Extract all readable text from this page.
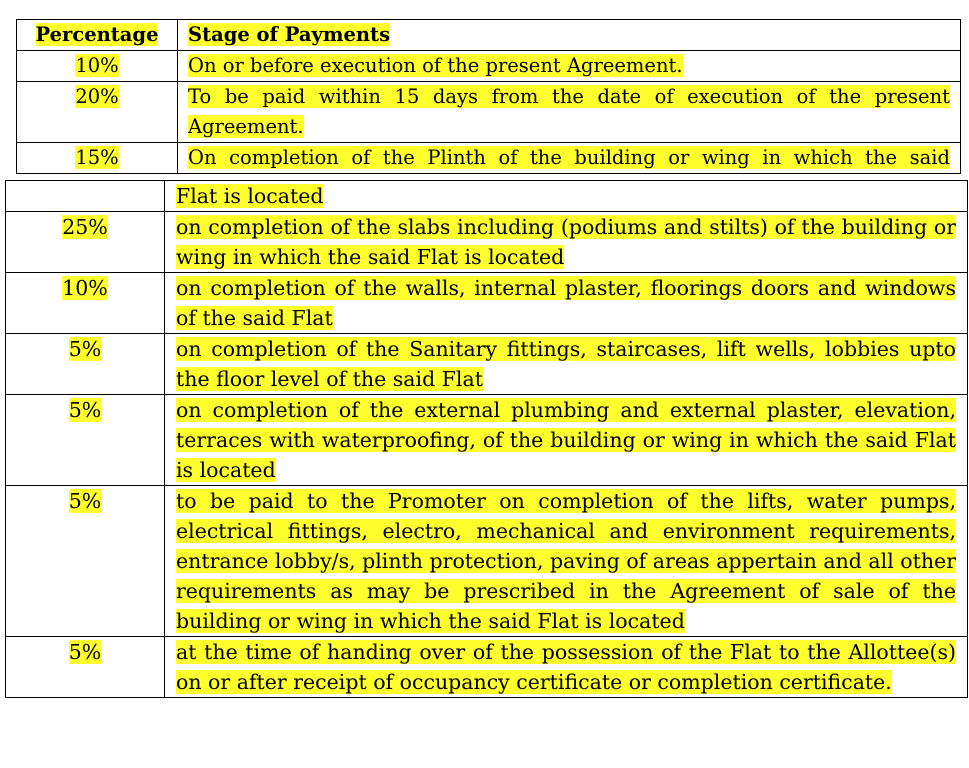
Percentage	Stage of Payments
10%	On or before execution of the present Agreement.
20%	To be paid within 15 days from the date of execution of the present Agreement.
15%	On completion of the Plinth of the building or wing in which the said
	Flat is located
25%	on completion of the slabs including (podiums and stilts) of the building or wing in which the said Flat is located
10%	on completion of the walls, internal plaster, floorings doors and windows of the said Flat
5%	on completion of the Sanitary fittings, staircases, lift wells, lobbies upto the floor level of the said Flat
5%	on completion of the external plumbing and external plaster, elevation, terraces with waterproofing, of the building or wing in which the said Flat is located
5%	to be paid to the Promoter on completion of the lifts, water pumps, electrical fittings, electro, mechanical and environment requirements, entrance lobby/s, plinth protection, paving of areas appertain and all other requirements as may be prescribed in the Agreement of sale of the building or wing in which the said Flat is located
5%	at the time of handing over of the possession of the Flat to the Allottee(s) on or after receipt of occupancy certificate or completion certificate.
